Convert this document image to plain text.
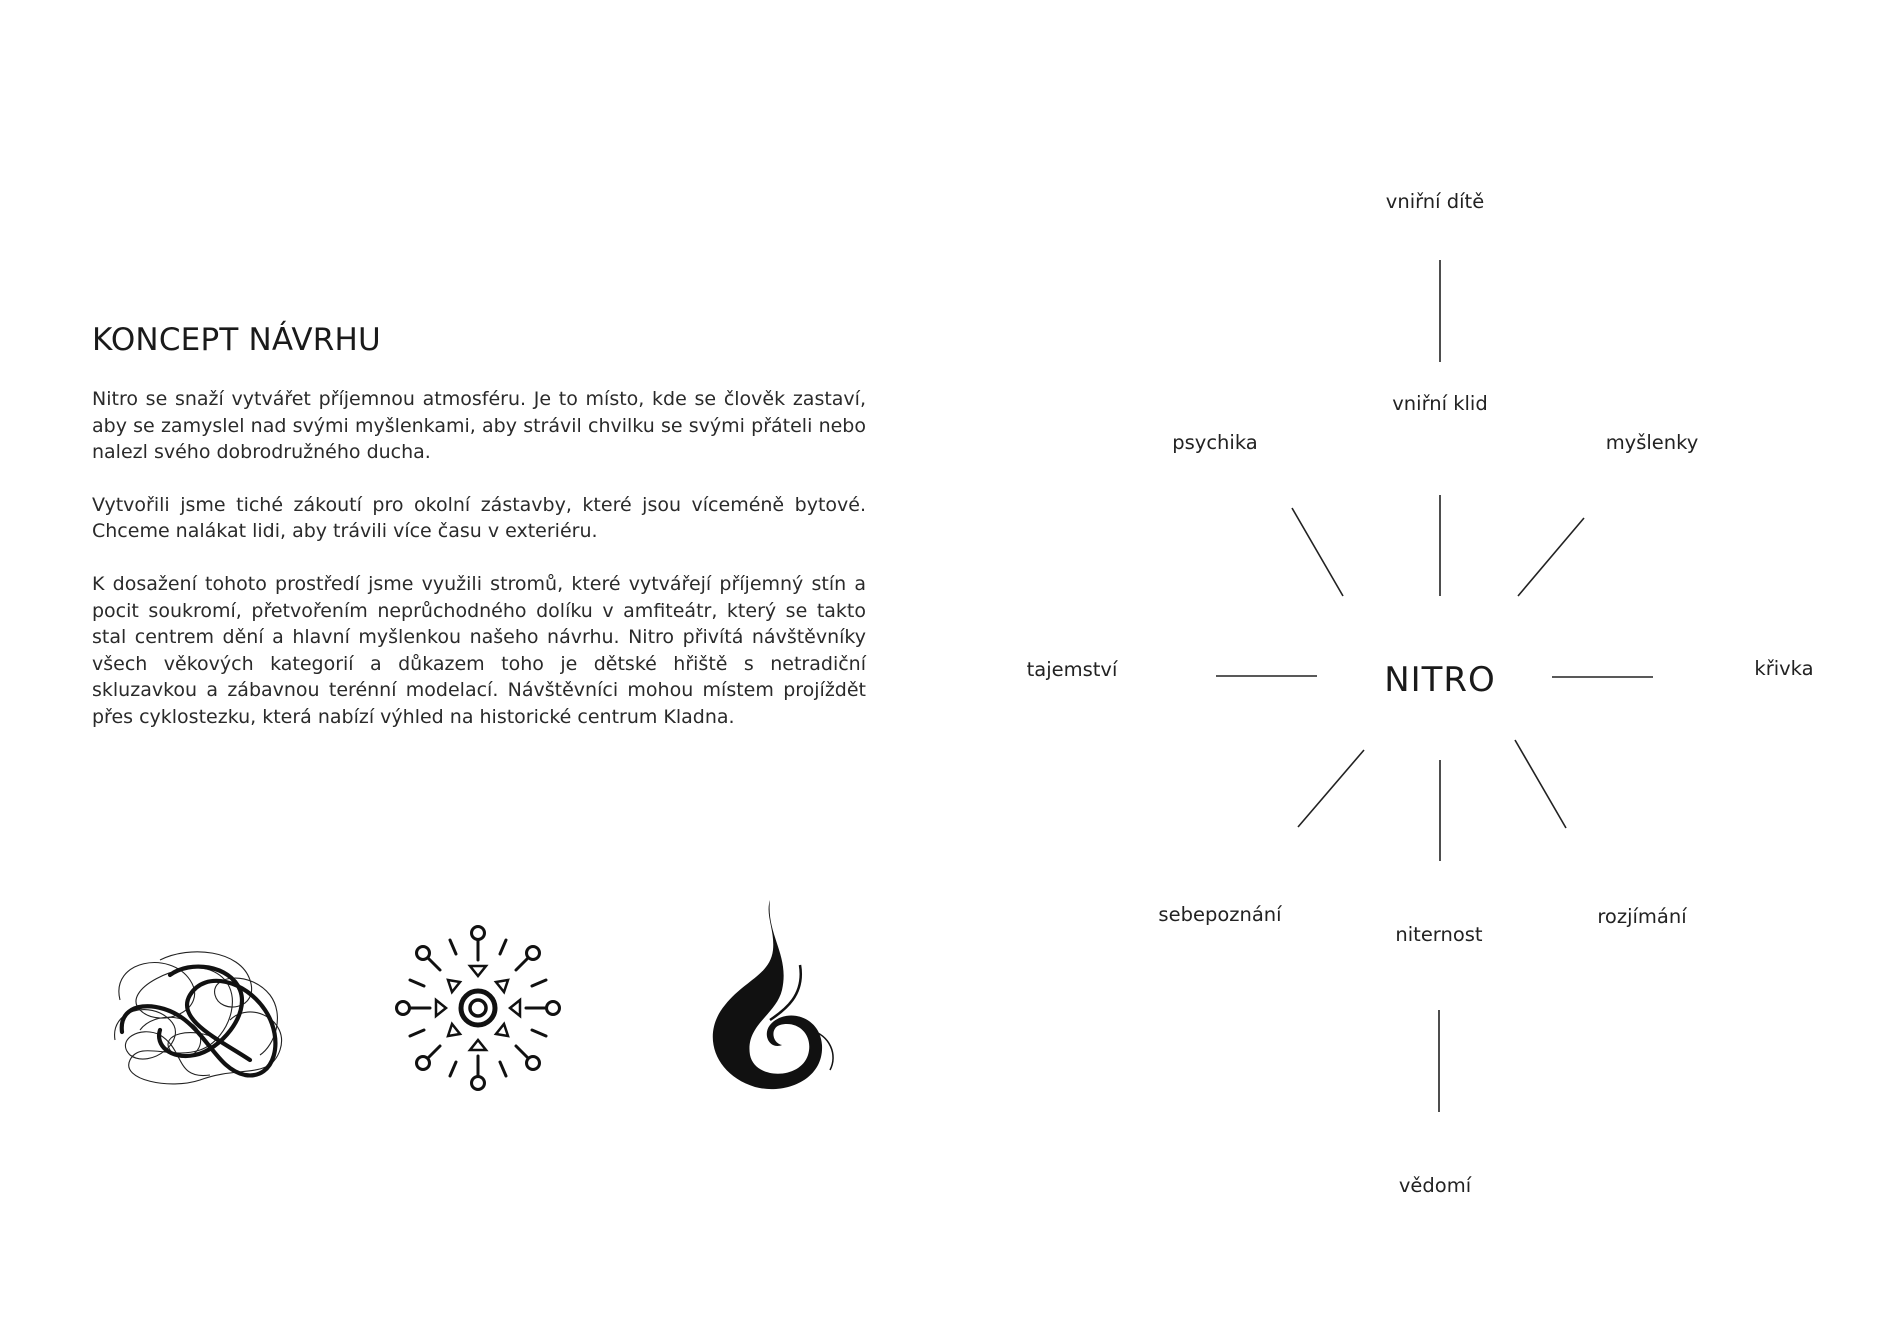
KONCEPT NÁVRHU

Nitro se snaží vytvářet příjemnou atmosféru. Je to místo, kde se člověk zastaví, aby se zamyslel nad svými myšlenkami, aby strávil chvilku se svými přáteli nebo nalezl svého dobrodružného ducha.

Vytvořili jsme tiché zákoutí pro okolní zástavby, které jsou víceméně bytové. Chceme nalákat lidi, aby trávili více času v exteriéru.

K dosažení tohoto prostředí jsme využili stromů, které vytvářejí příjemný stín a pocit soukromí, přetvořením neprůchodného dolíku v amfiteátr, který se takto stal centrem dění a hlavní myšlenkou našeho návrhu. Nitro přivítá návštěvníky všech věkových kategorií a důkazem toho je dětské hřiště s netradiční skluzavkou a zábavnou terénní modelací. Návštěvníci mohou místem projíždět přes cyklostezku, která nabízí výhled na historické centrum Kladna.

NITRO
vniřní dítě
vniřní klid
psychika	myšlenky
tajemství	křivka
sebepoznání
niternost
rozjímání
vědomí
